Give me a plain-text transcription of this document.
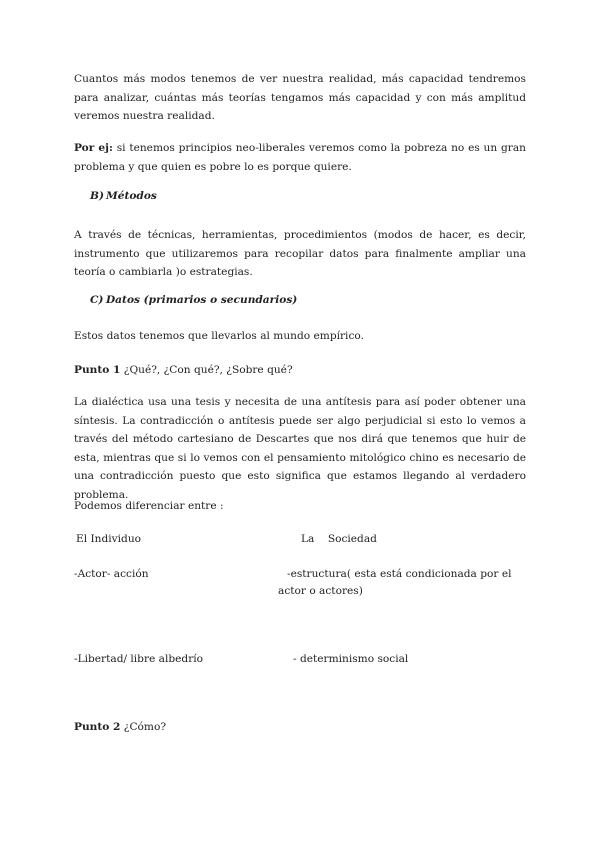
Cuantos más modos tenemos de ver nuestra realidad, más capacidad tendremos para analizar, cuántas más teorías tengamos más capacidad y con más amplitud veremos nuestra realidad.

Por ej: si tenemos principios neo-liberales veremos como la pobreza no es un gran problema y que quien es pobre lo es porque quiere.

B) Métodos

A través de técnicas, herramientas, procedimientos (modos de hacer, es decir, instrumento que utilizaremos para recopilar datos para finalmente ampliar una teoría o cambiarla )o estrategias.

C) Datos (primarios o secundarios)

Estos datos tenemos que llevarlos al mundo empírico.

Punto 1 ¿Qué?, ¿Con qué?, ¿Sobre qué?

La dialéctica usa una tesis y necesita de una antítesis para así poder obtener una síntesis. La contradicción o antítesis puede ser algo perjudicial si esto lo vemos a través del método cartesiano de Descartes que nos dirá que tenemos que huir de esta, mientras que si lo vemos con el pensamiento mitológico chino es necesario de una contradicción puesto que esto significa que estamos llegando al verdadero problema.

Podemos diferenciar entre :

El Individuo	La    Sociedad

-Actor- acción	-estructura( esta está condicionada por el

actor o actores)

-Libertad/ libre albedrío	- determinismo social

Punto 2 ¿Cómo?
